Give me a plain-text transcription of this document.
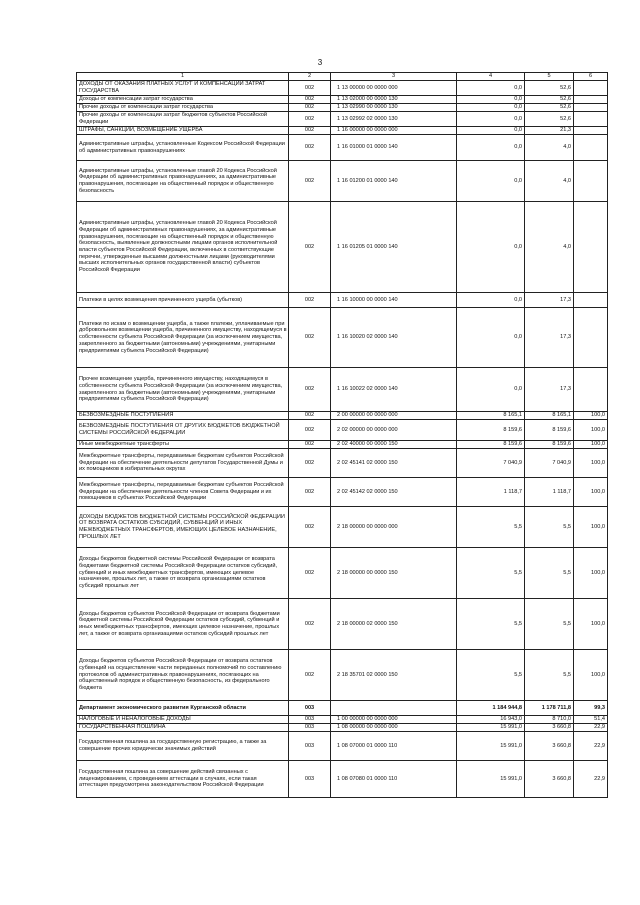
3
1	2	3	4	5	6
ДОХОДЫ ОТ ОКАЗАНИЯ ПЛАТНЫХ УСЛУГ И КОМПЕНСАЦИИ ЗАТРАТ ГОСУДАРСТВА	002	1 13 00000 00 0000 000	0,0	52,6	
Доходы от компенсации затрат государства	002	1 13 02000 00 0000 130	0,0	52,6	
Прочие доходы от компенсации затрат государства	002	1 13 02990 00 0000 130	0,0	52,6	
Прочие доходы от компенсации затрат бюджетов субъектов Российской Федерации	002	1 13 02992 02 0000 130	0,0	52,6	
ШТРАФЫ, САНКЦИИ, ВОЗМЕЩЕНИЕ УЩЕРБА	002	1 16 00000 00 0000 000	0,0	21,3	
Административные штрафы, установленные Кодексом Российской Федерации об административных правонарушениях	002	1 16 01000 01 0000 140	0,0	4,0	
Административные штрафы, установленные главой 20 Кодекса Российской Федерации об административных правонарушениях, за административные правонарушения, посягающие на общественный порядок и общественную безопасность	002	1 16 01200 01 0000 140	0,0	4,0	
Административные штрафы, установленные главой 20 Кодекса Российской Федерации об административных правонарушениях, за административные правонарушения, посягающие на общественный порядок и общественную безопасность, выявленные должностными лицами органов исполнительной власти субъектов Российской Федерации, включенных в соответствующие перечни, утвержденные высшими должностными лицами (руководителями высших исполнительных органов государственной власти) субъектов Российской Федерации	002	1 16 01205 01 0000 140	0,0	4,0	
Платежи в целях возмещения причиненного ущерба (убытков)	002	1 16 10000 00 0000 140	0,0	17,3	
Платежи по искам о возмещении ущерба, а также платежи, уплачиваемые при добровольном возмещении ущерба, причиненного имуществу, находящемуся в собственности субъекта Российской Федерации (за исключением имущества, закрепленного за бюджетными (автономными) учреждениями, унитарными предприятиями субъекта Российской Федерации)	002	1 16 10020 02 0000 140	0,0	17,3	
Прочее возмещение ущерба, причиненного имуществу, находящемуся в собственности субъекта Российской Федерации (за исключением имущества, закрепленного за бюджетными (автономными) учреждениями, унитарными предприятиями субъекта Российской Федерации)	002	1 16 10022 02 0000 140	0,0	17,3	
БЕЗВОЗМЕЗДНЫЕ ПОСТУПЛЕНИЯ	002	2 00 00000 00 0000 000	8 165,1	8 165,1	100,0
БЕЗВОЗМЕЗДНЫЕ ПОСТУПЛЕНИЯ ОТ ДРУГИХ БЮДЖЕТОВ БЮДЖЕТНОЙ СИСТЕМЫ РОССИЙСКОЙ ФЕДЕРАЦИИ	002	2 02 00000 00 0000 000	8 159,6	8 159,6	100,0
Иные межбюджетные трансферты	002	2 02 40000 00 0000 150	8 159,6	8 159,6	100,0
Межбюджетные трансферты, передаваемые бюджетам субъектов Российской Федерации на обеспечение деятельности депутатов Государственной Думы и их помощников в избирательных округах	002	2 02 45141 02 0000 150	7 040,9	7 040,9	100,0
Межбюджетные трансферты, передаваемые бюджетам субъектов Российской Федерации на обеспечение деятельности членов Совета Федерации и их помощников в субъектах Российской Федерации	002	2 02 45142 02 0000 150	1 118,7	1 118,7	100,0
ДОХОДЫ БЮДЖЕТОВ БЮДЖЕТНОЙ СИСТЕМЫ РОССИЙСКОЙ ФЕДЕРАЦИИ ОТ ВОЗВРАТА ОСТАТКОВ СУБСИДИЙ, СУБВЕНЦИЙ И ИНЫХ МЕЖБЮДЖЕТНЫХ ТРАНСФЕРТОВ, ИМЕЮЩИХ ЦЕЛЕВОЕ НАЗНАЧЕНИЕ, ПРОШЛЫХ ЛЕТ	002	2 18 00000 00 0000 000	5,5	5,5	100,0
Доходы бюджетов бюджетной системы Российской Федерации от возврата бюджетами бюджетной системы Российской Федерации остатков субсидий, субвенций и иных межбюджетных трансфертов, имеющих целевое назначение, прошлых лет, а также от возврата организациями остатков субсидий прошлых лет	002	2 18 00000 00 0000 150	5,5	5,5	100,0
Доходы бюджетов субъектов Российской Федерации от возврата бюджетами бюджетной системы Российской Федерации остатков субсидий, субвенций и иных межбюджетных трансфертов, имеющих целевое назначение, прошлых лет, а также от возврата организациями остатков субсидий прошлых лет	002	2 18 00000 02 0000 150	5,5	5,5	100,0
Доходы бюджетов субъектов Российской Федерации от возврата остатков субвенций на осуществление части переданных полномочий по составлению протоколов об административных правонарушениях, посягающих на общественный порядок и общественную безопасность, из федерального бюджета	002	2 18 35701 02 0000 150	5,5	5,5	100,0
Департамент экономического развития Курганской области	003		1 184 944,8	1 178 711,8	99,3
НАЛОГОВЫЕ И НЕНАЛОГОВЫЕ ДОХОДЫ	003	1 00 00000 00 0000 000	16 943,0	8 710,0	51,4
ГОСУДАРСТВЕННАЯ ПОШЛИНА	003	1 08 00000 00 0000 000	15 991,0	3 660,8	22,9
Государственная пошлина за государственную регистрацию, а также за совершение прочих юридически значимых действий	003	1 08 07000 01 0000 110	15 991,0	3 660,8	22,9
Государственная пошлина за совершение действий связанных с лицензированием, с проведением аттестации в случаях, если такая аттестация предусмотрена законодательством Российской Федерации	003	1 08 07080 01 0000 110	15 991,0	3 660,8	22,9
